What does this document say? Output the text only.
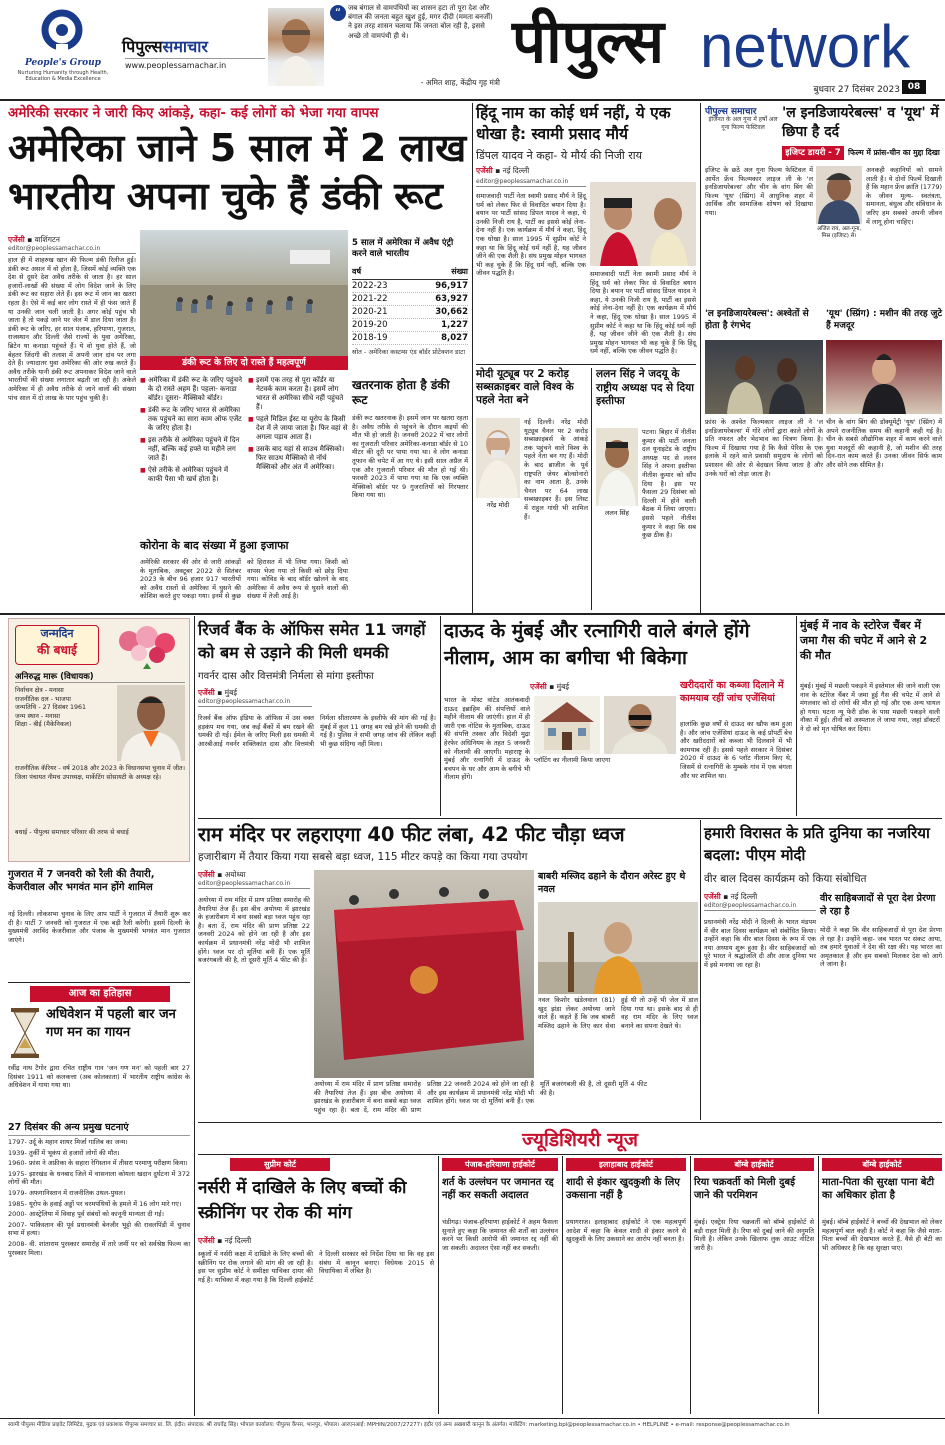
People's Group
Nurturing Humanity through Health, Education & Media Excellence
पिपुल्ससमाचार
www.peoplessamachar.in
“ जब बंगाल से वामपंथियों का शासन हटा तो पूरा देश और बंगाल की जनता बहुत खुश हुई, मगर दीदी (ममता बनर्जी) ने इस तरह शासन चलाया कि जनता बोल रही है, इससे अच्छे तो वामपंथी ही थे।
- अमित शाह, केंद्रीय गृह मंत्री
पीपुल्स network
बुधवार 27 दिसंबर 2023 08
अमेरिकी सरकार ने जारी किए आंकड़े, कहा- कई लोगों को भेजा गया वापस
अमेरिका जाने 5 साल में 2 लाख भारतीय अपना चुके हैं डंकी रूट
एजेंसी ▪ वाशिंगटन
editor@peoplessamachar.co.in
हाल ही में शाहरुख खान की फिल्म डंकी रिलीज हुई। डंकी रूट असल में वो होता है, जिसमें कोई व्यक्ति एक देश से दूसरे देश अवैध तरीके से जाता है। हर साल हजारों-लाखों की संख्या में लोग विदेश जाने के लिए डंकी रूट का सहारा लेते हैं। इस रूट में जान का खतरा रहता है। ऐसे में कई बार लोग रास्ते में ही फंस जाते हैं या उनकी जान चली जाती है। अगर कोई पहुंच भी जाता है तो पकड़े जाने पर जेल में डाल दिया जाता है। डंकी रूट के जरिए, हर साल पंजाब, हरियाणा, गुजरात, राजस्थान और दिल्ली जैसे राज्यों के युवा अमेरिका, ब्रिटेन या कनाडा पहुंचते हैं। ये वो युवा होते हैं, जो बेहतर जिंदगी की तलाश में अपनी जान दांव पर लगा देते हैं। ज्यादातर युवा अमेरिका की ओर रुख करते हैं। अवैध तरीके यानी डंकी रूट अपनाकर विदेश जाने वाले भारतीयों की संख्या लगातार बढ़ती जा रही है। अकेले अमेरिका में ही अवैध तरीके से जाने वालों की संख्या पांच साल में दो लाख के पार पहुंच चुकी है।
डंकी रूट के लिए दो रास्ते हैं महत्वपूर्ण
■ अमेरिका में डंकी रूट के जरिए पहुंचने के दो रास्ते अहम हैं। पहला- कनाडा बॉर्डर। दूसरा- मैक्सिको बॉर्डर।
■ डंकी रूट के जरिए भारत से अमेरिका तक पहुंचने का सारा काम ऑफ एजेंट के जरिए होता है।
■ इस तरीके से अमेरिका पहुंचने में दिन नहीं, बल्कि कई हफ्ते या महीने लग जाते हैं।
■ ऐसे तरीके से अमेरिका पहुंचने में काफी पैसा भी खर्च होता है।
■ इसमें एक तरह से पूरा कॉर्डर या नेटवर्क काम करता है। इसमें लोग भारत से अमेरिका सीधे नहीं पहुंचते हैं।
■ पहले मिडिल ईस्ट या यूरोप के किसी देश में ले जाया जाता है। फिर वहां से अगला पड़ाव आता है।
■ उसके बाद यहां से साउथ मैक्सिको। फिर साउथ मैक्सिको से नॉर्थ मैक्सिको और अंत में अमेरिका।
कोरोना के बाद संख्या में हुआ इजाफा
अमेरिकी सरकार की ओर से जारी आंकड़ों के मुताबिक, अक्टूबर 2022 से सितंबर 2023 के बीच 96 हजार 917 भारतीयों को अवैध रास्तों से अमेरिका में घुसने की कोशिश करते हुए पकड़ा गया। इनमें से कुछ को हिरासत में भी लिया गया। किसी को वापस भेजा गया तो किसी को छोड़ दिया गया। कोविड के बाद बॉर्डर खोलने के बाद अमेरिका में अवैध रूप से घुसने वालों की संख्या में तेजी आई है।
5 साल में अमेरिका में अवैध एंट्री करने वाले भारतीय
वर्ष	संख्या
2022-23	96,917
2021-22	63,927
2020-21	30,662
2019-20	1,227
2018-19	8,027
स्रोत - अमेरिका कस्टम्स एंड बॉर्डर प्रोटेक्शन डाटा
खतरनाक होता है डंकी रूट
डंकी रूट खतरनाक है। इसमें जान पर खतरा रहता है। अवैध तरीके से पहुंचने के दौरान कइयों की मौत भी हो जाती है। जनवरी 2022 में चार लोगों का गुजराती परिवार अमेरिका-कनाडा बॉर्डर से 10 मीटर की दूरी पर पाया गया था। वे लोग कनाडा तूफान की चपेट में आ गए थे। इसी साल अप्रैल में एक और गुजराती परिवार की मौत हो गई थी। फरवरी 2023 में पाया गया था कि एक व्यक्ति मेक्सिको बॉर्डर पर 9 गुजरातियों को गिरफ्तार किया गया था।
हिंदू नाम का कोई धर्म नहीं, ये एक धोखा है: स्वामी प्रसाद मौर्य
डिंपल यादव ने कहा- ये मौर्य की निजी राय
एजेंसी ▪ नई दिल्ली
editor@peoplessamachar.co.in
समाजवादी पार्टी नेता स्वामी प्रसाद मौर्य ने हिंदू धर्म को लेकर फिर से विवादित बयान दिया है। बयान पर पार्टी सांसद डिंपल यादव ने कहा, ये उनकी निजी राय है, पार्टी का इससे कोई लेना-देना नहीं है। एक कार्यक्रम में मौर्य ने कहा, हिंदू एक धोखा है। साल 1995 में सुप्रीम कोर्ट ने कहा था कि हिंदू कोई धर्म नहीं है, यह जीवन जीने की एक शैली है। संघ प्रमुख मोहन भागवत भी कह चुके हैं कि हिंदू धर्म नहीं, बल्कि एक जीवन पद्धति है।	समाजवादी पार्टी नेता स्वामी प्रसाद मौर्य ने हिंदू धर्म को लेकर फिर से विवादित बयान दिया है। बयान पर पार्टी सांसद डिंपल यादव ने कहा, ये उनकी निजी राय है, पार्टी का इससे कोई लेना-देना नहीं है। एक कार्यक्रम में मौर्य ने कहा, हिंदू एक धोखा है। साल 1995 में सुप्रीम कोर्ट ने कहा था कि हिंदू कोई धर्म नहीं है, यह जीवन जीने की एक शैली है। संघ प्रमुख मोहन भागवत भी कह चुके हैं कि हिंदू धर्म नहीं, बल्कि एक जीवन पद्धति है।
मोदी यूट्यूब पर 2 करोड़ सब्सक्राइबर वाले विश्व के पहले नेता बने
नरेंद्र मोदी
नई दिल्ली। नरेंद्र मोदी यूट्यूब चैनल पर 2 करोड़ सब्सक्राइबर्स के आंकड़े तक पहुंचने वाले विश्व के पहले नेता बन गए हैं। मोदी के बाद ब्राजील के पूर्व राष्ट्रपति जेयर बोल्सोनारो का नाम आता है, उनके चैनल पर 64 लाख सब्सक्राइबर हैं। इस लिस्ट में राहुल गांधी भी शामिल हैं।
ललन सिंह ने जदयू के राष्ट्रीय अध्यक्ष पद से दिया इस्तीफा
ललन सिंह
पटना। बिहार में नीतीश कुमार की पार्टी जनता दल यूनाइटेड के राष्ट्रीय अध्यक्ष पद से ललन सिंह ने अपना इस्तीफा नीतीश कुमार को सौंप दिया है। इस पर फैसला 29 दिसंबर को दिल्ली में होने वाली बैठक में लिया जाएगा। इससे पहले नीतीश कुमार ने कहा कि सब कुछ ठीक है।
पीपुल्स समाचार
इंजिनत के अल गूना में हर्षों अल गूना फिल्म फेस्टिवल
'ल इनडिजायरेबल्स' व 'यूथ' में छिपा है दर्द
इजिप्ट डायरी - 7 फिल्म में फ्रांस-चीन का मुद्दा दिखा
इजिप्ट के छठें अल गूना फिल्म फेस्टिवल में आर्येत फ्रेंच फिल्मकार लाइज ली के 'ल इनडिजायरेबल्स' और चीन के वांग बिंग की फिल्म 'यूथ' (स्प्रिंग) में आधुनिक शहर में आर्थिक और सामाजिक शोषण को दिखाया गया।
अजित राय, अल-गूना, मिस्र (इजिप्ट) से।
अनकही कहानियों को सामने लाती है। ये दोनों फिल्में दिखाती हैं कि महान फ्रेंच क्रांति (1779) के जीवन मूल्य- स्वतंत्रता, समानता, बंधुत्व और संविधान के जरिए हम सबको अपनी जीवन में लागू होना चाहिए।
'ल इनडिजायरेबल्स': अश्वेतों से होता है रंगभेद
'यूथ' (स्प्रिंग) : मशीन की तरह जुटे हैं मजदूर
फ्रांस के अश्वेत फिल्मकार लाइज ली ने 'ल इनडिजायरेबल्स' में गोरे लोगों द्वारा काले लोगों के प्रति नफरत और भेदभाव का चित्रण किया है। फिल्म में दिखाया गया है कि कैसे पेरिस के एक इलाके में रहने वाले प्रवासी समुदाय के लोगों को प्रशासन की ओर से बेदखल किया जाता है और उनके घरों को तोड़ा जाता है।
चीन के वांग बिंग की डॉक्यूमेंट्री 'यूथ' (स्प्रिंग) में अपने राजनीतिक समय की कहानी कही गई है। चीन के सबसे औद्योगिक शहर में काम करने वाले युवा मजदूरों की कहानी है, जो मशीन की तरह दिन-रात काम करते हैं। उनका जीवन सिर्फ काम और सोने तक सीमित है।
जन्मदिन
की बधाई
अनिरुद्ध मारू (विधायक)
निर्वाचन क्षेत्र - मनासा
राजनीतिक दल - भाजपा
जन्मतिथि - 27 दिसंबर 1961
जन्म स्थान - मनासा
शिक्षा - बीई (मैकेनिकल)
राजनीतिक कॅरियर - वर्ष 2018 और 2023 के विधानसभा चुनाव में जीत। जिला पंचायत नीमच उपाध्यक्ष, मार्केटिंग सोसायटी के अध्यक्ष रहे।
बधाई - पीपुल्स समाचार परिवार की तरफ से बधाई
गुजरात में 7 जनवरी को रैली की तैयारी, केजरीवाल और भगवंत मान होंगे शामिल
नई दिल्ली। लोकसभा चुनाव के लिए आप पार्टी ने गुजरात में तैयारी शुरू कर दी है। पार्टी 7 जनवरी को गुजरात में एक बड़ी रैली करेगी। इसमें दिल्ली के मुख्यमंत्री अरविंद केजरीवाल और पंजाब के मुख्यमंत्री भगवंत मान गुजरात जाएंगे।
आज का इतिहास
अधिवेशन में पहली बार जन गण मन का गायन
रवींद्र नाथ टैगोर द्वारा रचित राष्ट्रीय गान 'जन गण मन' को पहली बार 27 दिसंबर 1911 को कलकत्ता (अब कोलकाता) में भारतीय राष्ट्रीय कांग्रेस के अधिवेशन में गाया गया था।
27 दिसंबर की अन्य प्रमुख घटनाएं
1797- उर्दू के महान शायर मिर्जा गालिब का जन्म।
1939- तुर्की में भूकंप से हजारों लोगों की मौत।
1960- फ्रांस ने अफ्रीका के सहारा रेगिस्तान में तीसरा परमाणु परीक्षण किया।
1975- झारखंड के धनबाद जिले में चासनाला कोयला खदान दुर्घटना में 372 लोगों की मौत।
1979- अफगानिस्तान में राजनीतिक उथल-पुथल।
1985- यूरोप के हवाई अड्डों पर चरमपंथियों के हमले में 16 लोग मारे गए।
2000- आस्ट्रेलिया में विवाह पूर्व संबंधों को कानूनी मान्यता दी गई।
2007- पाकिस्तान की पूर्व प्रधानमंत्री बेनजीर भुट्टो की रावलपिंडी में चुनाव सभा में हत्या।
2008- वी. शांताराम पुरस्कार समारोह में तारे जमीं पर को सर्वश्रेष्ठ फिल्म का पुरस्कार मिला।
रिजर्व बैंक के ऑफिस समेत 11 जगहों को बम से उड़ाने की मिली धमकी
गवर्नर दास और वित्तमंत्री निर्मला से मांगा इस्तीफा
एजेंसी ▪ मुंबई
editor@peoplessamachar.co.in
रिजर्व बैंक ऑफ इंडिया के ऑफिस में उस वक्त हड़कंप मच गया, जब कई बैंकों में बम रखने की धमकी दी गई। ईमेल के जरिए मिली इस धमकी में आरबीआई गवर्नर शक्तिकांत दास और वित्तमंत्री निर्मला सीतारमण के इस्तीफे की मांग की गई है। मुंबई में कुल 11 जगह बम रखे होने की धमकी दी गई है। पुलिस ने सभी जगह जांच की लेकिन कहीं भी कुछ संदिग्ध नहीं मिला।
दाऊद के मुंबई और रत्नागिरी वाले बंगले होंगे नीलाम, आम का बगीचा भी बिकेगा
एजेंसी ▪ मुंबई
भारत के मोस्ट वांटेड आतंकवादी दाऊद इब्राहिम की संपत्तियों वाले महीने नीलाम की जाएंगी। हाल में ही जारी एक नोटिस के मुताबिक, दाऊद की संपत्ति तस्कर और विदेशी मुद्रा हेरफेर अधिनियम के तहत 5 जनवरी को नीलामी की जाएगी। महाराष्ट्र के मुंबई और रत्नागिरी में दाऊद के बचपन के घर और आम के बगीचे भी नीलाम होंगे।
प्लॉटिंग का नीलामी किया जाएगा
खरीददारों का कब्जा दिलाने में कामयाब रहीं जांच एजेंसियां
हालांकि कुछ वर्षों से दाऊद का खौफ कम हुआ है। और जांच एजेंसियां दाऊद के कई प्रॉपर्टी बेच और खरीददारों को कब्जा भी दिलवाने में भी कामयाब रही है। इससे पहले सरकार ने दिसंबर 2020 में दाऊद के 6 प्लॉट नीलाम किए थे, जिसमें से रत्नागिरी के मुम्बके गांव में एक बंगला और घर शामिल था।
मुंबई में नाव के स्टोरेज चैंबर में जमा गैस की चपेट में आने से 2 की मौत
मुंबई। मुंबई में मछली पकड़ने में इस्तेमाल की जाने वाली एक नाव के स्टोरेज चैंबर में जमा हुई गैस की चपेट में आने से मंगलवार को दो लोगों की मौत हो गई और एक अन्य घायल हो गया। घटना न्यू फेरी डॉक के पास मछली पकड़ने वाली नौका में हुई। तीनों को अस्पताल ले जाया गया, जहां डॉक्टरों ने दो को मृत घोषित कर दिया।
राम मंदिर पर लहराएगा 40 फीट लंबा, 42 फीट चौड़ा ध्वज
हजारीबाग में तैयार किया गया सबसे बड़ा ध्वज, 115 मीटर कपड़े का किया गया उपयोग
एजेंसी ▪ अयोध्या
editor@peoplessamachar.co.in
अयोध्या में राम मंदिर में प्राण प्रतिष्ठा समारोह की तैयारियां तेज हैं। इस बीच अयोध्या में झारखंड के हजारीबाग में बना सबसे बड़ा ध्वज पहुंच रहा है। बता दें, राम मंदिर की प्राण प्रतिष्ठा 22 जनवरी 2024 को होने जा रही है और इस कार्यक्रम में प्रधानमंत्री नरेंद्र मोदी भी शामिल होंगे। ध्वज पर दो मूर्तियां बनी हैं। एक मूर्ति बजरंगबली की है, तो दूसरी मूर्ति 4 फीट की है।
अयोध्या में राम मंदिर में प्राण प्रतिष्ठा समारोह की तैयारियां तेज हैं। इस बीच अयोध्या में झारखंड के हजारीबाग में बना सबसे बड़ा ध्वज पहुंच रहा है। बता दें, राम मंदिर की प्राण प्रतिष्ठा 22 जनवरी 2024 को होने जा रही है और इस कार्यक्रम में प्रधानमंत्री नरेंद्र मोदी भी शामिल होंगे। ध्वज पर दो मूर्तियां बनी हैं। एक मूर्ति बजरंगबली की है, तो दूसरी मूर्ति 4 फीट की है।
बाबरी मस्जिद ढहाने के दौरान अरेस्ट हुए थे नवल
नवल किशोर खंडेलवाल (81) खुद झंडा लेकर अयोध्या जाने वाले हैं। कहते हैं कि जब बाबरी मस्जिद ढहाने के लिए कार सेवा हुई थी तो उन्हें भी जेल में डाल दिया गया था। इसके बाद से ही वह राम मंदिर के लिए ध्वज बनाने का सपना देखते थे।
हमारी विरासत के प्रति दुनिया का नजरिया बदला: पीएम मोदी
वीर बाल दिवस कार्यक्रम को किया संबोधित
एजेंसी ▪ नई दिल्ली
editor@peoplessamachar.co.in
प्रधानमंत्री नरेंद्र मोदी ने दिल्ली के भारत मंडपम में वीर बाल दिवस कार्यक्रम को संबोधित किया। उन्होंने कहा कि वीर बाल दिवस के रूप में एक नया अध्याय शुरू हुआ है। वीर साहिबजादों को पूरे भारत ने श्रद्धांजलि दी और आज दुनिया भर में इसे मनाया जा रहा है।
वीर साहिबजादों से पूरा देश प्रेरणा ले रहा है
मोदी ने कहा कि वीर साहिबजादों से पूरा देश प्रेरणा ले रहा है। उन्होंने कहा- जब भारत पर संकट आया, तब हमारे युवाओं ने देश की रक्षा की। यह भारत का अमृतकाल है और हम सबको मिलकर देश को आगे ले जाना है।
ज्यूडिशियरी न्यूज
सुप्रीम कोर्ट
नर्सरी में दाखिले के लिए बच्चों की स्क्रीनिंग पर रोक की मांग
एजेंसी ▪ नई दिल्ली
स्कूलों में नर्सरी कक्षा में दाखिले के लिए बच्चों की स्क्रीनिंग पर रोक लगाने की मांग की जा रही है। इस पर सुप्रीम कोर्ट ने समीक्षा याचिका दायर की गई है। याचिका में कहा गया है कि दिल्ली हाईकोर्ट ने दिल्ली सरकार को निर्देश दिया था कि वह इस संबंध में कानून बनाए। विधेयक 2015 से विधायिका में लंबित है।
पंजाब-हरियाणा हाईकोर्ट
शर्त के उल्लंघन पर जमानत रद्द नहीं कर सकती अदालत
चंडीगढ़। पंजाब-हरियाणा हाईकोर्ट ने अहम फैसला सुनाते हुए कहा कि जमानत की शर्तों का उल्लंघन करने पर किसी आरोपी की जमानत रद्द नहीं की जा सकती। अदालत ऐसा नहीं कर सकती।
इलाहाबाद हाईकोर्ट
शादी से इंकार खुदकुशी के लिए उकसाना नहीं है
प्रयागराज। इलाहाबाद हाईकोर्ट ने एक महत्वपूर्ण आदेश में कहा कि केवल शादी से इंकार करने से खुदकुशी के लिए उकसाने का आरोप नहीं बनता है।
बॉम्बे हाईकोर्ट
रिया चक्रवर्ती को मिली दुबई जाने की परमिशन
मुंबई। एक्ट्रेस रिया चक्रवर्ती को बॉम्बे हाईकोर्ट से बड़ी राहत मिली है। रिया को दुबई जाने की अनुमति मिली है। लेकिन उनके खिलाफ लुक आउट नोटिस जारी है।
बॉम्बे हाईकोर्ट
माता-पिता की सुरक्षा पाना बेटी का अधिकार होता है
मुंबई। बॉम्बे हाईकोर्ट ने बच्चों की देखभाल को लेकर महत्वपूर्ण बात कही है। कोर्ट ने कहा कि जैसे माता-पिता बच्चों की देखभाल करते हैं, वैसे ही बेटी का भी अधिकार है कि वह सुरक्षा पाए।
स्वामी पीपुल्स मीडिया प्राइवेट लिमिटेड, मुद्रक एवं प्रकाशक पीपुल्स समाचार प्रा. लि. इंदौर। संपादक: श्री राघवेंद्र सिंह। भोपाल कार्यालय: पीपुल्स कैंपस, भानपुर, भोपाल। आरएनआई: MPHIN/2007/27277। इंदौर एवं अन्य अखबारी कानून के अंतर्गत। मार्केटिंग: marketing.bpl@peoplessamachar.co.in • HELPLINE • e-mail: response@peoplessamachar.co.in
